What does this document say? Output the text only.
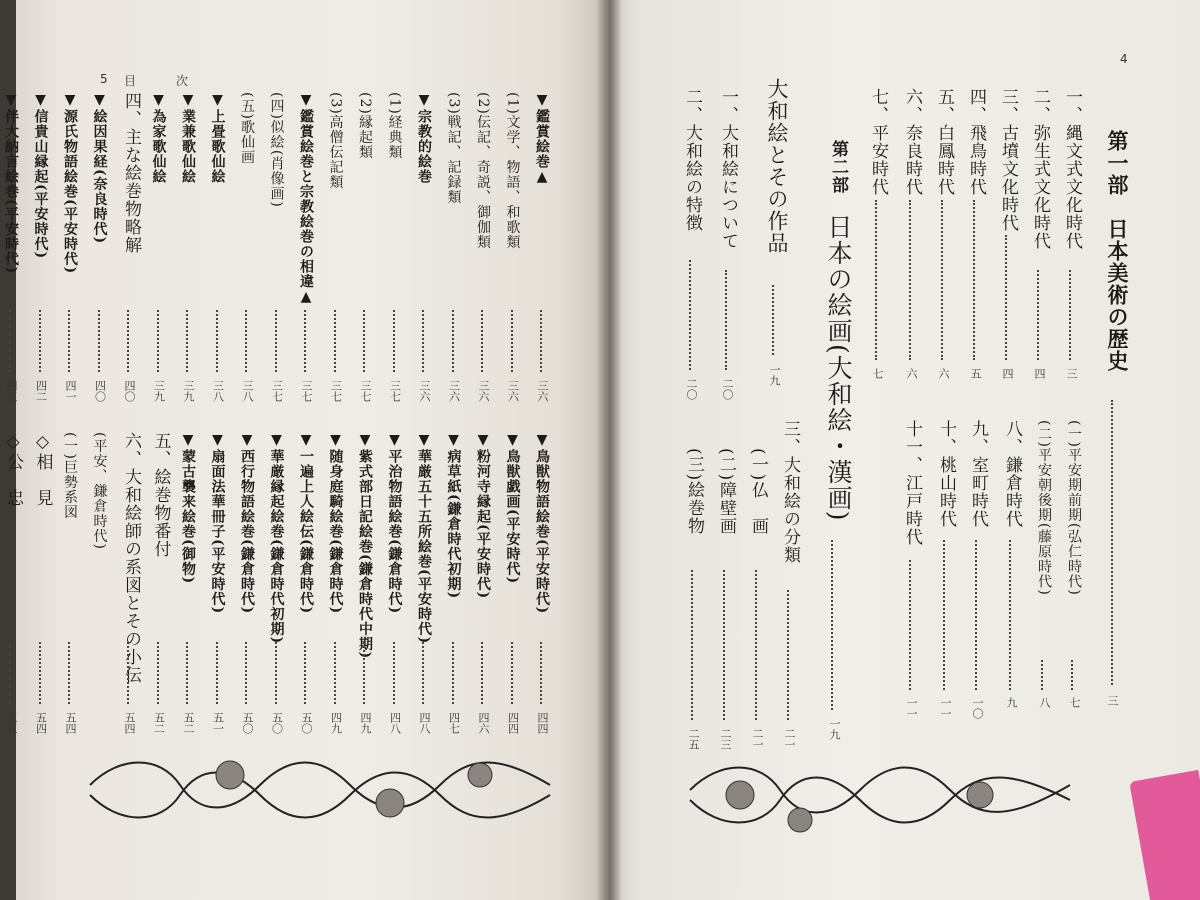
5 目	次
4
第一部　日本美術の歴史
三
一、縄文式文化時代
三
二、弥生式文化時代
四
三、古墳文化時代
四
四、飛鳥時代
五
五、白鳳時代
六
六、奈良時代
六
七、平安時代
七
(一)平安期前期(弘仁時代)
七
(二)平安朝後期(藤原時代)
八
八、鎌倉時代
九
九、室町時代
一〇
十、桃山時代
一一
十一、江戸時代
一一
第二部
日本の絵画(大和絵・漢画)
一九
大和絵とその作品
一九
一、大和絵について
二〇
二、大和絵の特徴
二〇
三、大和絵の分類
二一
(一)仏　画
二一
(二)障壁画
二三
(三)絵巻物
二五
▼鑑賞絵巻▲
三六
(1)文学、物語、和歌類
三六
(2)伝記、奇説、御伽類
三六
(3)戦記、記録類
三六
▼宗教的絵巻
三六
(1)経典類
三七
(2)縁起類
三七
(3)高僧伝記類
三七
▼鑑賞絵巻と宗教絵巻の相違▲
三七
(四)似絵(肖像画)
三七
(五)歌仙画
三八
▼上畳歌仙絵
三八
▼業兼歌仙絵
三九
▼為家歌仙絵
三九
四、主な絵巻物略解
四〇
▼絵因果経(奈良時代)
四〇
▼源氏物語絵巻(平安時代)
四一
▼信貴山縁起(平安時代)
四二
▼伴大納言絵巻(平安時代)
四三
▼鳥獣物語絵巻(平安時代)
四四
▼鳥獣戯画(平安時代)
四四
▼粉河寺縁起(平安時代)
四六
▼病草紙(鎌倉時代初期)
四七
▼華厳五十五所絵巻(平安時代)
四八
▼平治物語絵巻(鎌倉時代)
四八
▼紫式部日記絵巻(鎌倉時代中期)
四九
▼随身庭騎絵巻(鎌倉時代)
四九
▼一遍上人絵伝(鎌倉時代)
五〇
▼華厳縁起絵巻(鎌倉時代初期)
五〇
▼西行物語絵巻(鎌倉時代)
五〇
▼扇面法華冊子(平安時代)
五一
▼蒙古襲来絵巻(御物)
五二
五、絵巻物番付
五二
六、大和絵師の系図とその小伝
五四
(平安、鎌倉時代)
(一)巨勢系図
五四
◇相　見
五四
◇公　忠
五五
